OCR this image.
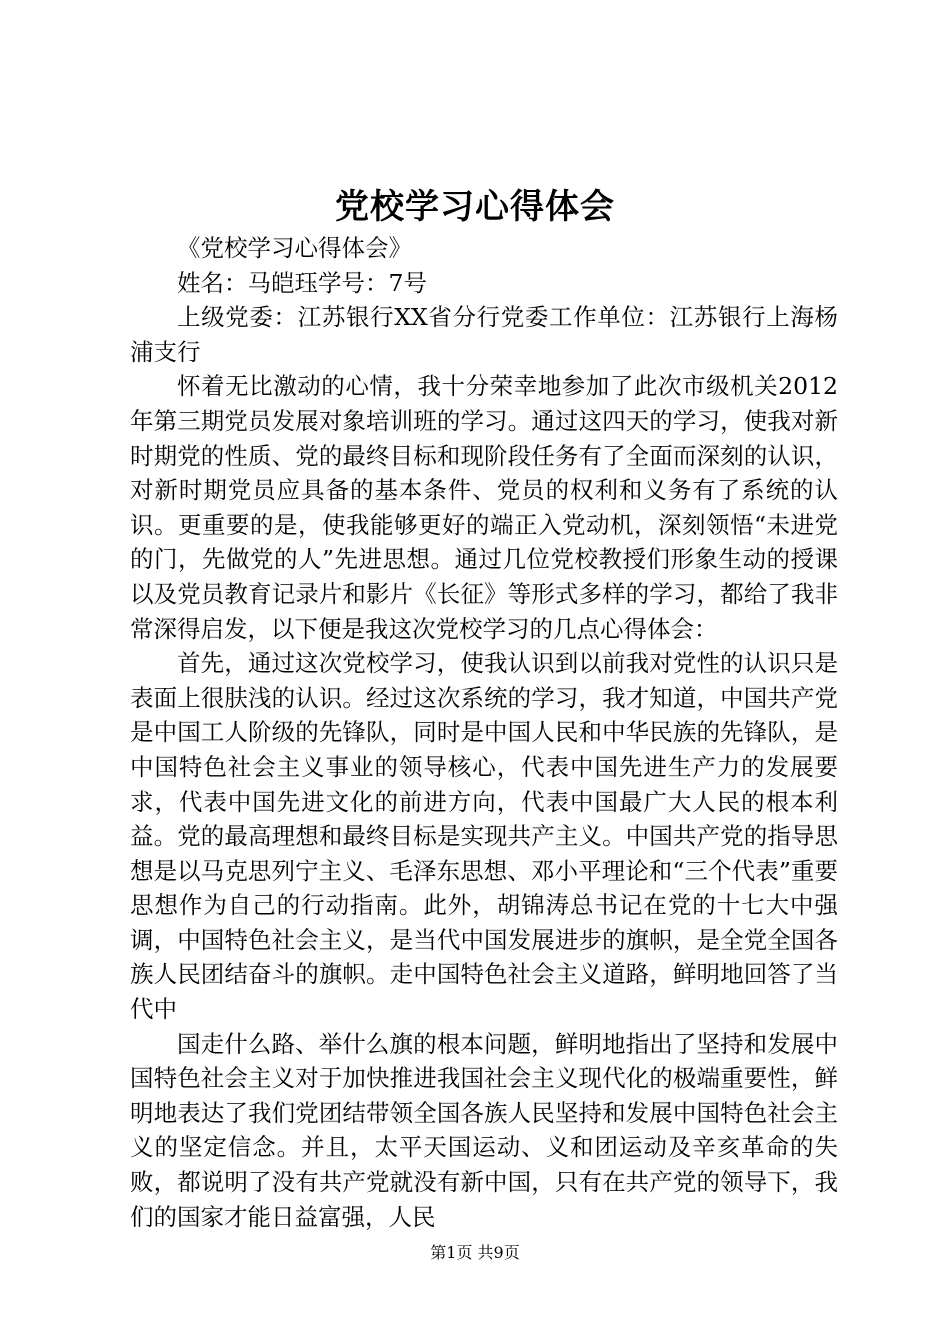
党校学习心得体会

《党校学习心得体会》

姓名：马皑珏学号：7号

上级党委：江苏银行XX省分行党委工作单位：江苏银行上海杨浦支行

怀着无比激动的心情，我十分荣幸地参加了此次市级机关2012年第三期党员发展对象培训班的学习。通过这四天的学习，使我对新时期党的性质、党的最终目标和现阶段任务有了全面而深刻的认识，对新时期党员应具备的基本条件、党员的权利和义务有了系统的认识。更重要的是，使我能够更好的端正入党动机，深刻领悟“未进党的门，先做党的人”先进思想。通过几位党校教授们形象生动的授课以及党员教育记录片和影片《长征》等形式多样的学习，都给了我非常深得启发，以下便是我这次党校学习的几点心得体会：

首先，通过这次党校学习，使我认识到以前我对党性的认识只是表面上很肤浅的认识。经过这次系统的学习，我才知道，中国共产党是中国工人阶级的先锋队，同时是中国人民和中华民族的先锋队，是中国特色社会主义事业的领导核心，代表中国先进生产力的发展要求，代表中国先进文化的前进方向，代表中国最广大人民的根本利益。党的最高理想和最终目标是实现共产主义。中国共产党的指导思想是以马克思列宁主义、毛泽东思想、邓小平理论和“三个代表”重要思想作为自己的行动指南。此外，胡锦涛总书记在党的十七大中强调，中国特色社会主义，是当代中国发展进步的旗帜，是全党全国各族人民团结奋斗的旗帜。走中国特色社会主义道路，鲜明地回答了当代中

国走什么路、举什么旗的根本问题，鲜明地指出了坚持和发展中国特色社会主义对于加快推进我国社会主义现代化的极端重要性，鲜明地表达了我们党团结带领全国各族人民坚持和发展中国特色社会主义的坚定信念。并且，太平天国运动、义和团运动及辛亥革命的失败，都说明了没有共产党就没有新中国，只有在共产党的领导下，我们的国家才能日益富强，人民

第1页 共9页
